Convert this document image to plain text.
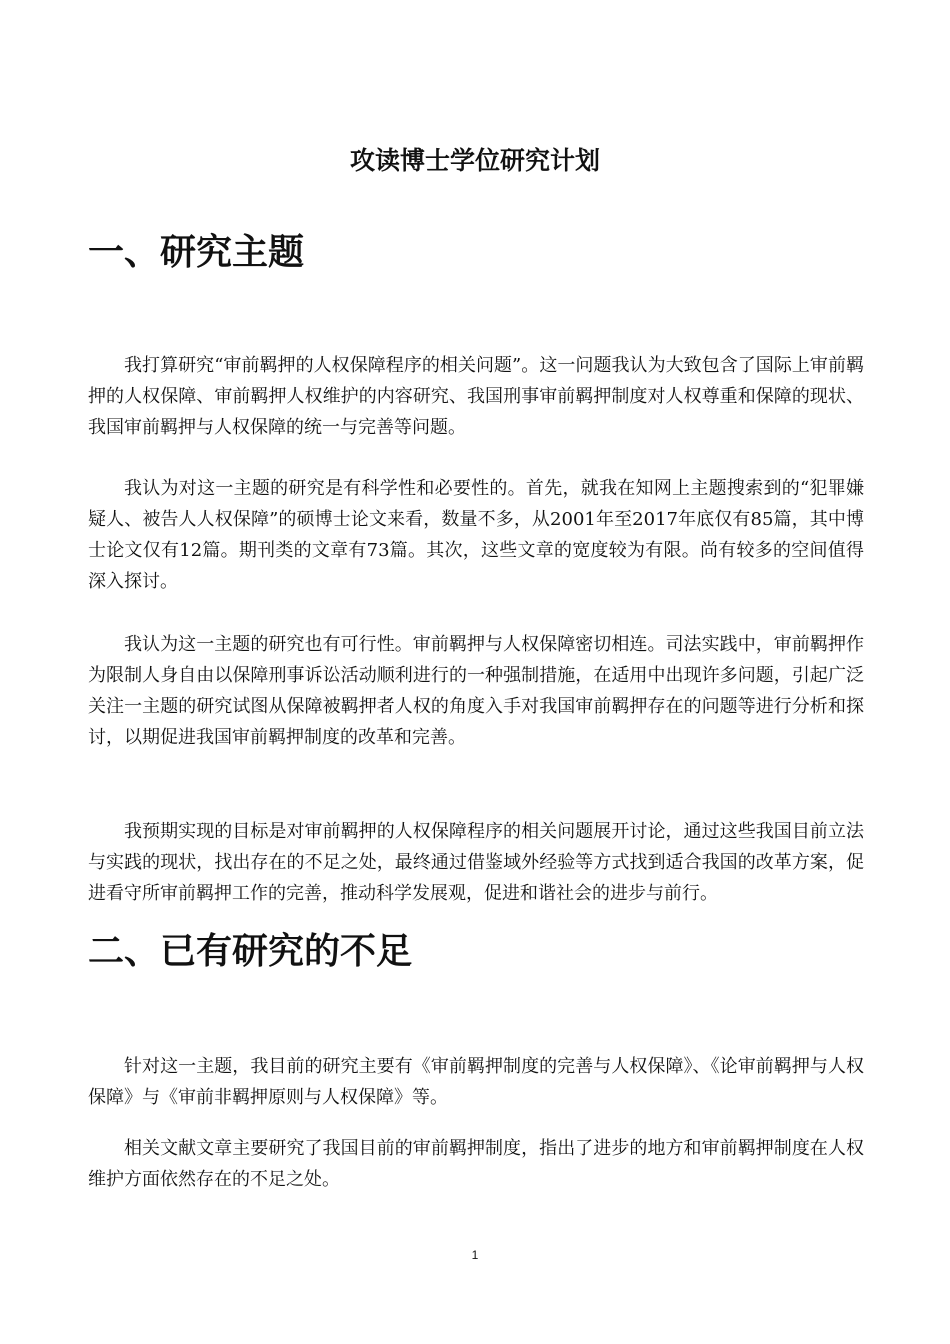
攻读博士学位研究计划
一、研究主题

我打算研究“审前羁押的人权保障程序的相关问题”。这一问题我认为大致包含了国际上审前羁押的人权保障、审前羁押人权维护的内容研究、我国刑事审前羁押制度对人权尊重和保障的现状、我国审前羁押与人权保障的统一与完善等问题。

我认为对这一主题的研究是有科学性和必要性的。首先，就我在知网上主题搜索到的“犯罪嫌疑人、被告人人权保障”的硕博士论文来看，数量不多，从2001年至2017年底仅有85篇，其中博士论文仅有12篇。期刊类的文章有73篇。其次，这些文章的宽度较为有限。尚有较多的空间值得深入探讨。

我认为这一主题的研究也有可行性。审前羁押与人权保障密切相连。司法实践中，审前羁押作为限制人身自由以保障刑事诉讼活动顺利进行的一种强制措施，在适用中出现许多问题，引起广泛关注一主题的研究试图从保障被羁押者人权的角度入手对我国审前羁押存在的问题等进行分析和探讨，以期促进我国审前羁押制度的改革和完善。

我预期实现的目标是对审前羁押的人权保障程序的相关问题展开讨论，通过这些我国目前立法与实践的现状，找出存在的不足之处，最终通过借鉴域外经验等方式找到适合我国的改革方案，促进看守所审前羁押工作的完善，推动科学发展观，促进和谐社会的进步与前行。

二、已有研究的不足

针对这一主题，我目前的研究主要有《审前羁押制度的完善与人权保障》、《论审前羁押与人权保障》与《审前非羁押原则与人权保障》等。

相关文献文章主要研究了我国目前的审前羁押制度，指出了进步的地方和审前羁押制度在人权维护方面依然存在的不足之处。

1
